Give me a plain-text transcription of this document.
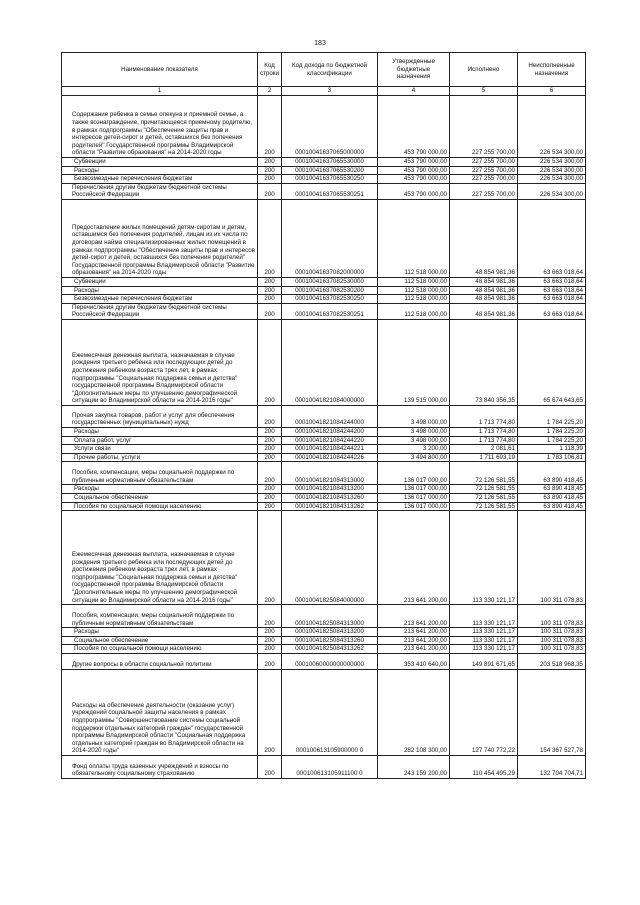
183
Наименование показателя	Код строки	Код дохода по бюджетной классификации	Утвержденные бюджетные назначения	Исполнено	Неисполненные назначения
1	2	3	4	5	6
Содержание ребенка в семье опекуна и приемной семье, а также вознаграждение, причитающееся приемному родителю, в рамках подпрограммы "Обеспечение защиты прав и интересов детей-сирот и детей, оставшихся без попечения родителей" Государственной программы Владимирской области "Развитие образования" на 2014-2020 годы	200	00010041637065000000	453 790 000,00	227 255 700,00	226 534 300,00
Субвенции	200	00010041637065530000	453 790 000,00	227 255 700,00	226 534 300,00
Расходы	200	00010041637065530200	453 790 000,00	227 255 700,00	226 534 300,00
Безвозмездные перечисления бюджетам	200	00010041637065530250	453 790 000,00	227 255 700,00	226 534 300,00
Перечисления другим бюджетам бюджетной системы Российской Федерации	200	00010041637065530251	453 790 000,00	227 255 700,00	226 534 300,00
Предоставление жилых помещений детям-сиротам и детям, оставшимся без попечения родителей, лицам из их числа по договорам найма специализированных жилых помещений в рамках подпрограммы "Обеспечение защиты прав и интересов детей-сирот и детей, оставшихся без попечения родителей" Государственной программы Владимирской области "Развитие образования" на 2014-2020 годы	200	00010041637082000000	112 518 000,00	48 854 981,36	63 663 018,64
Субвенции	200	00010041637082530000	112 518 000,00	48 854 981,36	63 663 018,64
Расходы	200	00010041637082530200	112 518 000,00	48 854 981,36	63 663 018,64
Безвозмездные перечисления бюджетам	200	00010041637082530250	112 518 000,00	48 854 981,36	63 663 018,64
Перечисления другим бюджетам бюджетной системы Российской Федерации	200	00010041637082530251	112 518 000,00	48 854 981,36	63 663 018,64
Ежемесячная денежная выплата, назначаемая в случае рождения третьего ребенка или последующих детей до достижения ребенком возраста трех лет, в рамках подпрограммы "Социальная поддержка семьи и детства" государственной программы Владимирской области "Дополнительные меры по улучшению демографической ситуации во Владимирской области на 2014-2016 годы"	200	00010041821084000000	139 515 000,00	73 840 356,35	65 674 643,65
Прочая закупка товаров, работ и услуг для обеспечения государственных (муниципальных) нужд	200	00010041821084244000	3 498 000,00	1 713 774,80	1 784 225,20
Расходы	200	00010041821084244200	3 498 000,00	1 713 774,80	1 784 225,20
Оплата работ, услуг	200	00010041821084244220	3 498 000,00	1 713 774,80	1 784 225,20
Услуги связи	200	00010041821084244221	3 200,00	2 081,61	1 118,39
Прочие работы, услуги	200	00010041821084244226	3 494 800,00	1 711 693,19	1 783 106,81
Пособия, компенсации, меры социальной поддержки по публичным нормативным обязательствам	200	00010041821084313000	136 017 000,00	72 126 581,55	63 890 418,45
Расходы	200	00010041821084313200	136 017 000,00	72 126 581,55	63 890 418,45
Социальное обеспечение	200	00010041821084313260	136 017 000,00	72 126 581,55	63 890 418,45
Пособия по социальной помощи населению	200	00010041821084313262	136 017 000,00	72 126 581,55	63 890 418,45
Ежемесячная денежная выплата, назначаемая в случае рождения третьего ребенка или последующих детей до достижения ребенком возраста трех лет, в рамках подпрограммы "Социальная поддержка семьи и детства" государственной программы Владимирской области "Дополнительные меры по улучшению демографической ситуации во Владимирской области на 2014-2016 годы"	200	00010041825084000000	213 641 200,00	113 330 121,17	100 311 078,83
Пособия, компенсации, меры социальной поддержки по публичным нормативным обязательствам	200	00010041825084313000	213 641 200,00	113 330 121,17	100 311 078,83
Расходы	200	00010041825084313200	213 641 200,00	113 330 121,17	100 311 078,83
Социальное обеспечение	200	00010041825084313260	213 641 200,00	113 330 121,17	100 311 078,83
Пособия по социальной помощи населению	200	00010041825084313262	213 641 200,00	113 330 121,17	100 311 078,83
Другие вопросы в области социальной политики	200	00010060000000000000	353 410 640,00	149 891 671,65	203 518 968,35
Расходы на обеспечение деятельности (оказание услуг) учреждений социальной защиты населения в рамках подпрограммы "Совершенствование системы социальной поддержки отдельных категорий граждан" государственной программы Владимирской области "Социальная поддержка отдельных категорий граждан во Владимирской области на 2014-2020 годы"	200	000100613105900000 0	282 108 300,00	127 740 772,22	154 367 527,78
Фонд оплаты труда казенных учреждений и взносы по обязательному социальному страхованию	200	000100613105911100 0	243 159 200,00	110 454 495,29	132 704 704,71
